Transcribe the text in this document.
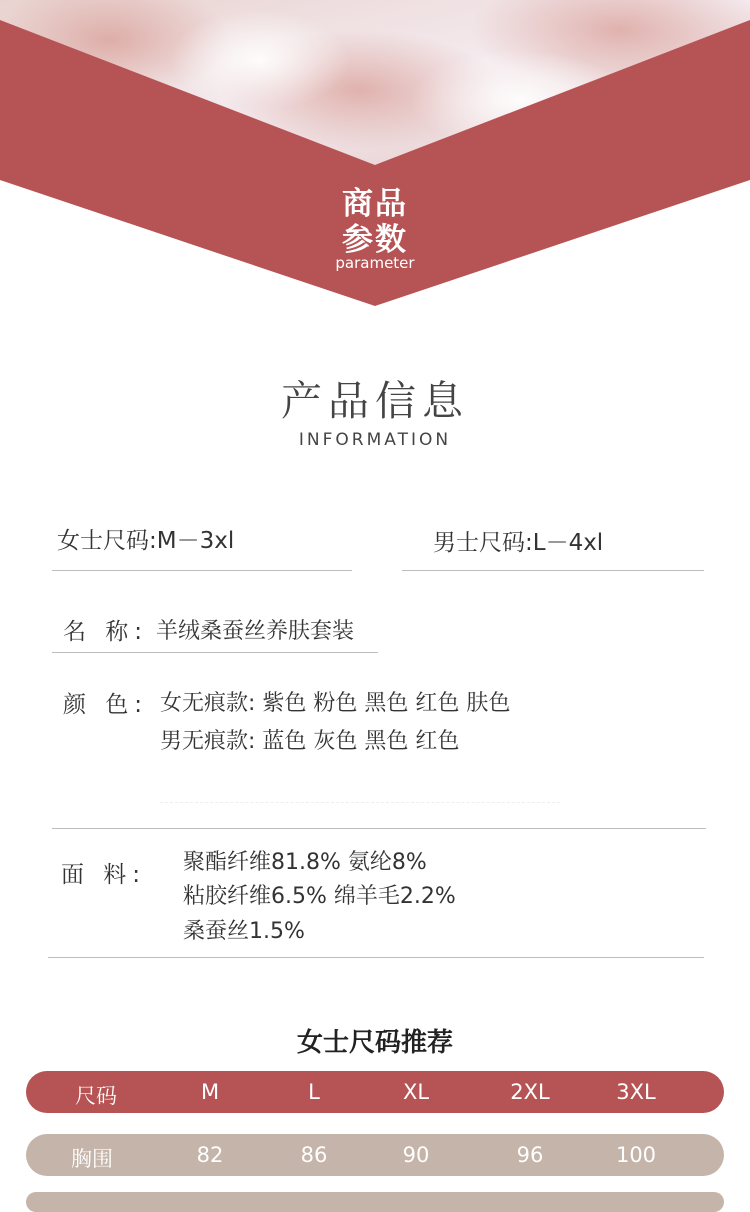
商品
参数
parameter
产品信息
INFORMATION
女士尺码:M－3xl	男士尺码:L－4xl
名 称: 羊绒桑蚕丝养肤套装
颜 色: 女无痕款: 紫色 粉色 黑色 红色 肤色
男无痕款: 蓝色 灰色 黑色 红色
面 料: 聚酯纤维81.8% 氨纶8%
粘胶纤维6.5% 绵羊毛2.2%
桑蚕丝1.5%
女士尺码推荐
尺码	M	L	XL	2XL	3XL
胸围	82	86	90	96	100
